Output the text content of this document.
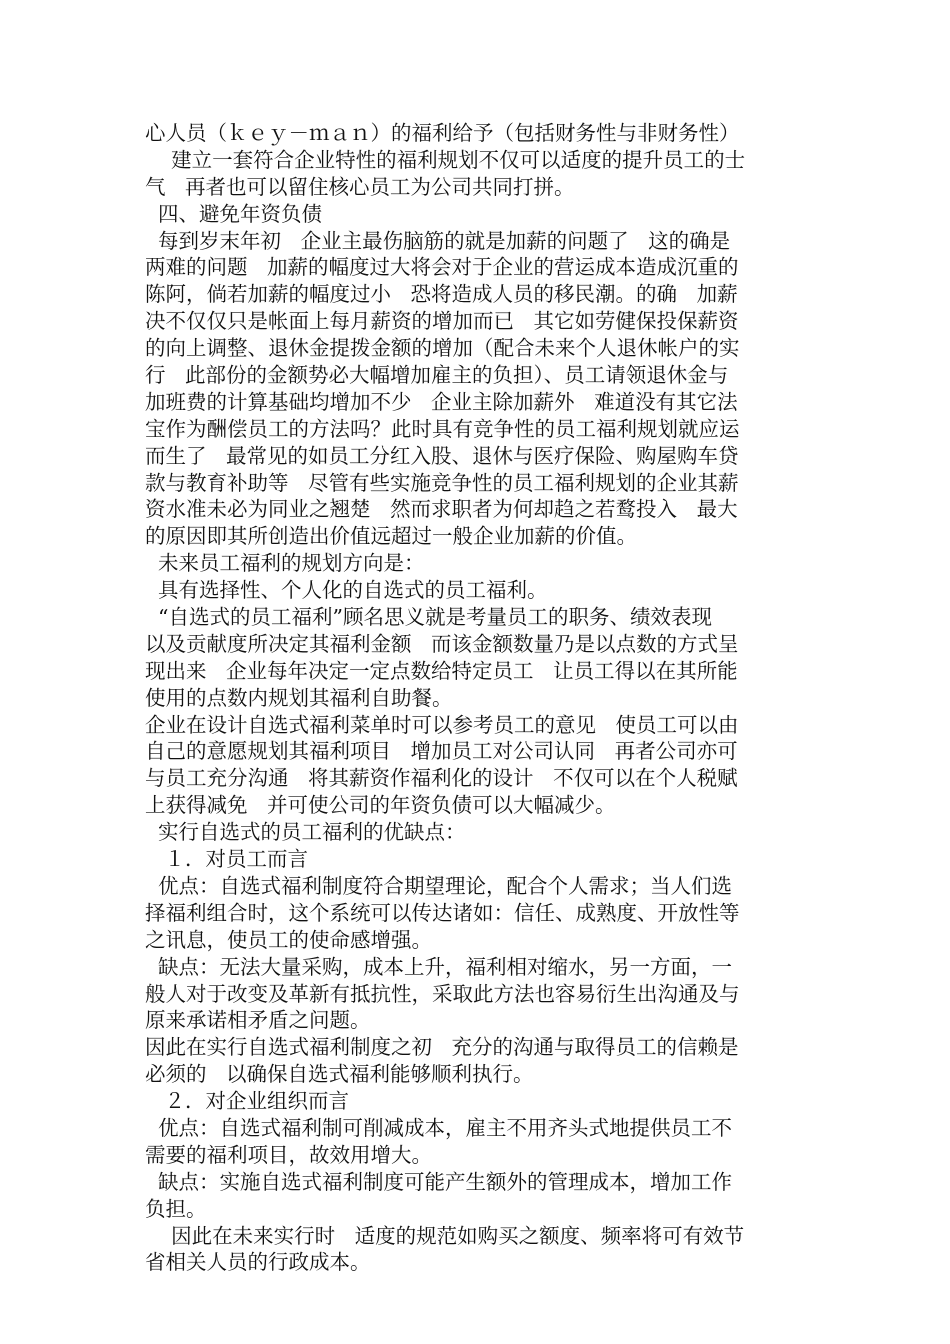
心人员（ｋｅｙ－ｍａｎ）的福利给予（包括财务性与非财务性）
建立一套符合企业特性的福利规划不仅可以适度的提升员工的士
气   再者也可以留住核心员工为公司共同打拼。
四、避免年资负债
每到岁末年初   企业主最伤脑筋的就是加薪的问题了   这的确是
两难的问题   加薪的幅度过大将会对于企业的营运成本造成沉重的
陈阿，倘若加薪的幅度过小   恐将造成人员的移民潮。的确   加薪
决不仅仅只是帐面上每月薪资的增加而已   其它如劳健保投保薪资
的向上调整、退休金提拨金额的增加（配合未来个人退休帐户的实
行   此部份的金额势必大幅增加雇主的负担）、员工请领退休金与
加班费的计算基础均增加不少   企业主除加薪外   难道没有其它法
宝作为酬偿员工的方法吗？此时具有竞争性的员工福利规划就应运
而生了   最常见的如员工分红入股、退休与医疗保险、购屋购车贷
款与教育补助等   尽管有些实施竞争性的员工福利规划的企业其薪
资水准未必为同业之翘楚   然而求职者为何却趋之若鹜投入   最大
的原因即其所创造出价值远超过一般企业加薪的价值。
未来员工福利的规划方向是：
具有选择性、个人化的自选式的员工福利。
“自选式的员工福利”顾名思义就是考量员工的职务、绩效表现
以及贡献度所决定其福利金额   而该金额数量乃是以点数的方式呈
现出来   企业每年决定一定点数给特定员工   让员工得以在其所能
使用的点数内规划其福利自助餐。
企业在设计自选式福利菜单时可以参考员工的意见   使员工可以由
自己的意愿规划其福利项目   增加员工对公司认同   再者公司亦可
与员工充分沟通   将其薪资作福利化的设计   不仅可以在个人税赋
上获得减免   并可使公司的年资负债可以大幅减少。
实行自选式的员工福利的优缺点：
１．对员工而言
优点：自选式福利制度符合期望理论，配合个人需求；当人们选
择福利组合时，这个系统可以传达诸如：信任、成熟度、开放性等
之讯息，使员工的使命感增强。
缺点：无法大量采购，成本上升，福利相对缩水，另一方面，一
般人对于改变及革新有抵抗性，采取此方法也容易衍生出沟通及与
原来承诺相矛盾之问题。
因此在实行自选式福利制度之初   充分的沟通与取得员工的信赖是
必须的   以确保自选式福利能够顺利执行。
２．对企业组织而言
优点：自选式福利制可削减成本，雇主不用齐头式地提供员工不
需要的福利项目，故效用增大。
缺点：实施自选式福利制度可能产生额外的管理成本，增加工作
负担。
因此在未来实行时   适度的规范如购买之额度、频率将可有效节
省相关人员的行政成本。
